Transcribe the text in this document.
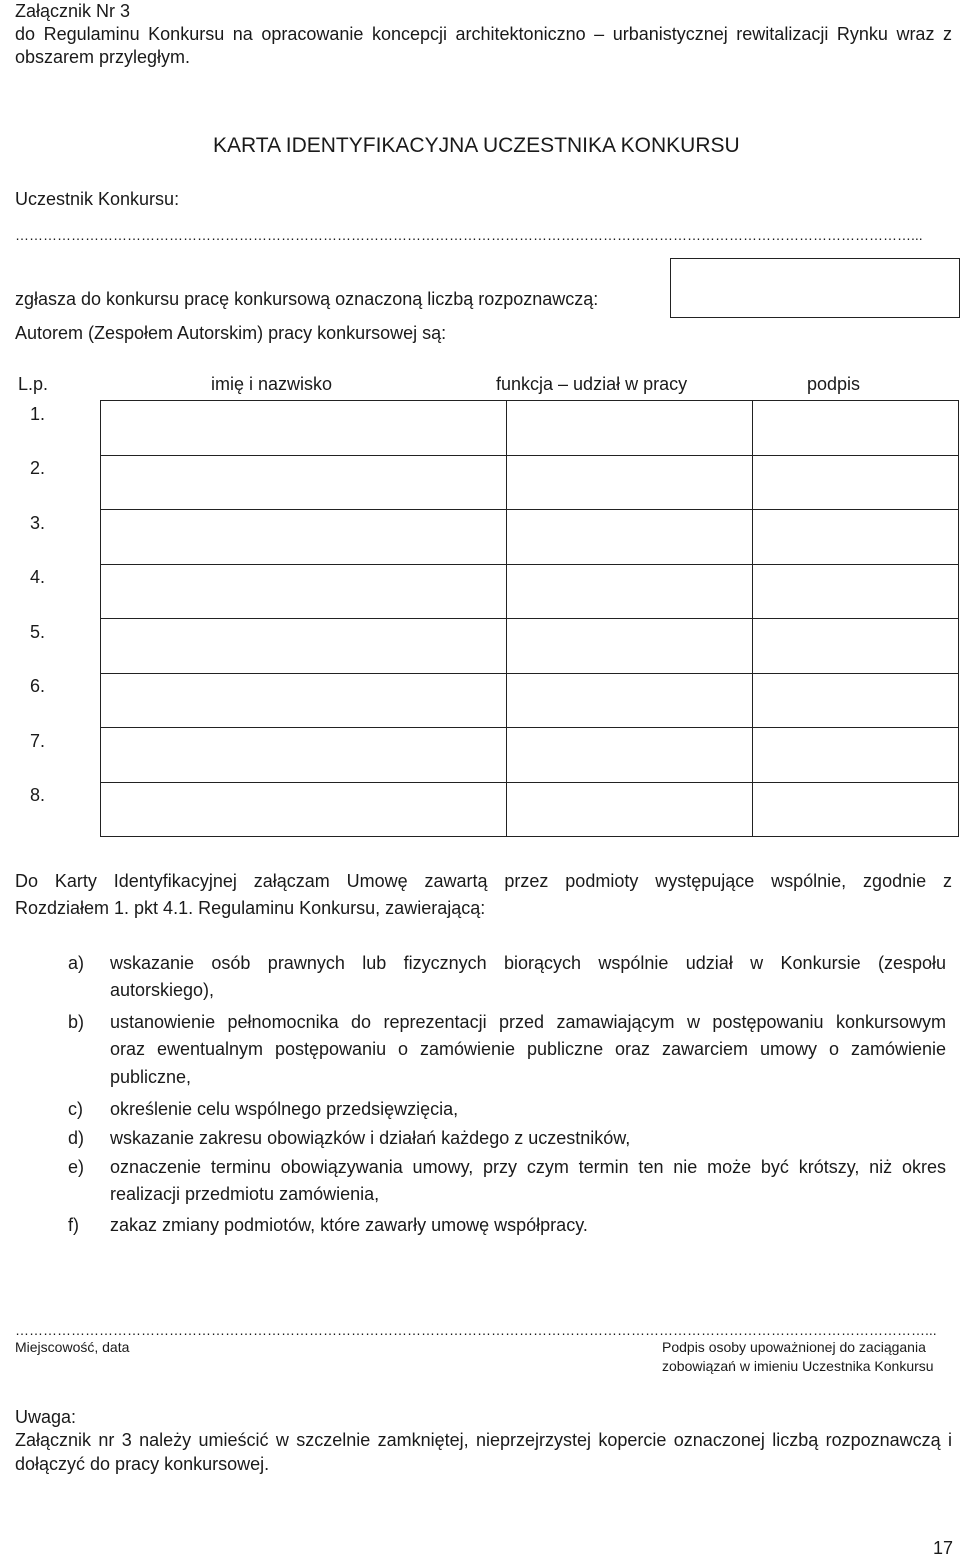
Załącznik Nr 3
do Regulaminu Konkursu na opracowanie koncepcji architektoniczno – urbanistycznej rewitalizacji Rynku wraz z
obszarem przyległym.
KARTA IDENTYFIKACYJNA UCZESTNIKA KONKURSU
Uczestnik Konkursu:
…………………………………………………………………………………………………………………………………………………………………………...
zgłasza do konkursu pracę konkursową oznaczoną liczbą rozpoznawczą:
Autorem (Zespołem Autorskim) pracy konkursowej są:
L.p.	imię i nazwisko	funkcja – udział w pracy	podpis
1.			
2.			
3.			
4.			
5.			
6.			
7.			
8.			
Do Karty Identyfikacyjnej załączam Umowę zawartą przez podmioty występujące wspólnie, zgodnie z
Rozdziałem 1. pkt 4.1. Regulaminu Konkursu, zawierającą:
a)	wskazanie osób prawnych lub fizycznych biorących wspólnie udział w Konkursie (zespołu
autorskiego),
b)	ustanowienie pełnomocnika do reprezentacji przed zamawiającym w postępowaniu konkursowym
oraz ewentualnym postępowaniu o zamówienie publiczne oraz zawarciem umowy o zamówienie
publiczne,
c)	określenie celu wspólnego przedsięwzięcia,
d)	wskazanie zakresu obowiązków i działań każdego z uczestników,
e)	oznaczenie terminu obowiązywania umowy, przy czym termin ten nie może być krótszy, niż okres
realizacji przedmiotu zamówienia,
f)	zakaz zmiany podmiotów, które zawarły umowę współpracy.
……………………………………………………………………………………………………………………………………………………………………………...
Miejscowość, data	Podpis osoby upoważnionej do zaciągania
zobowiązań w imieniu Uczestnika Konkursu
Uwaga:
Załącznik nr 3 należy umieścić w szczelnie zamkniętej, nieprzejrzystej kopercie oznaczonej liczbą rozpoznawczą i
dołączyć do pracy konkursowej.
17
